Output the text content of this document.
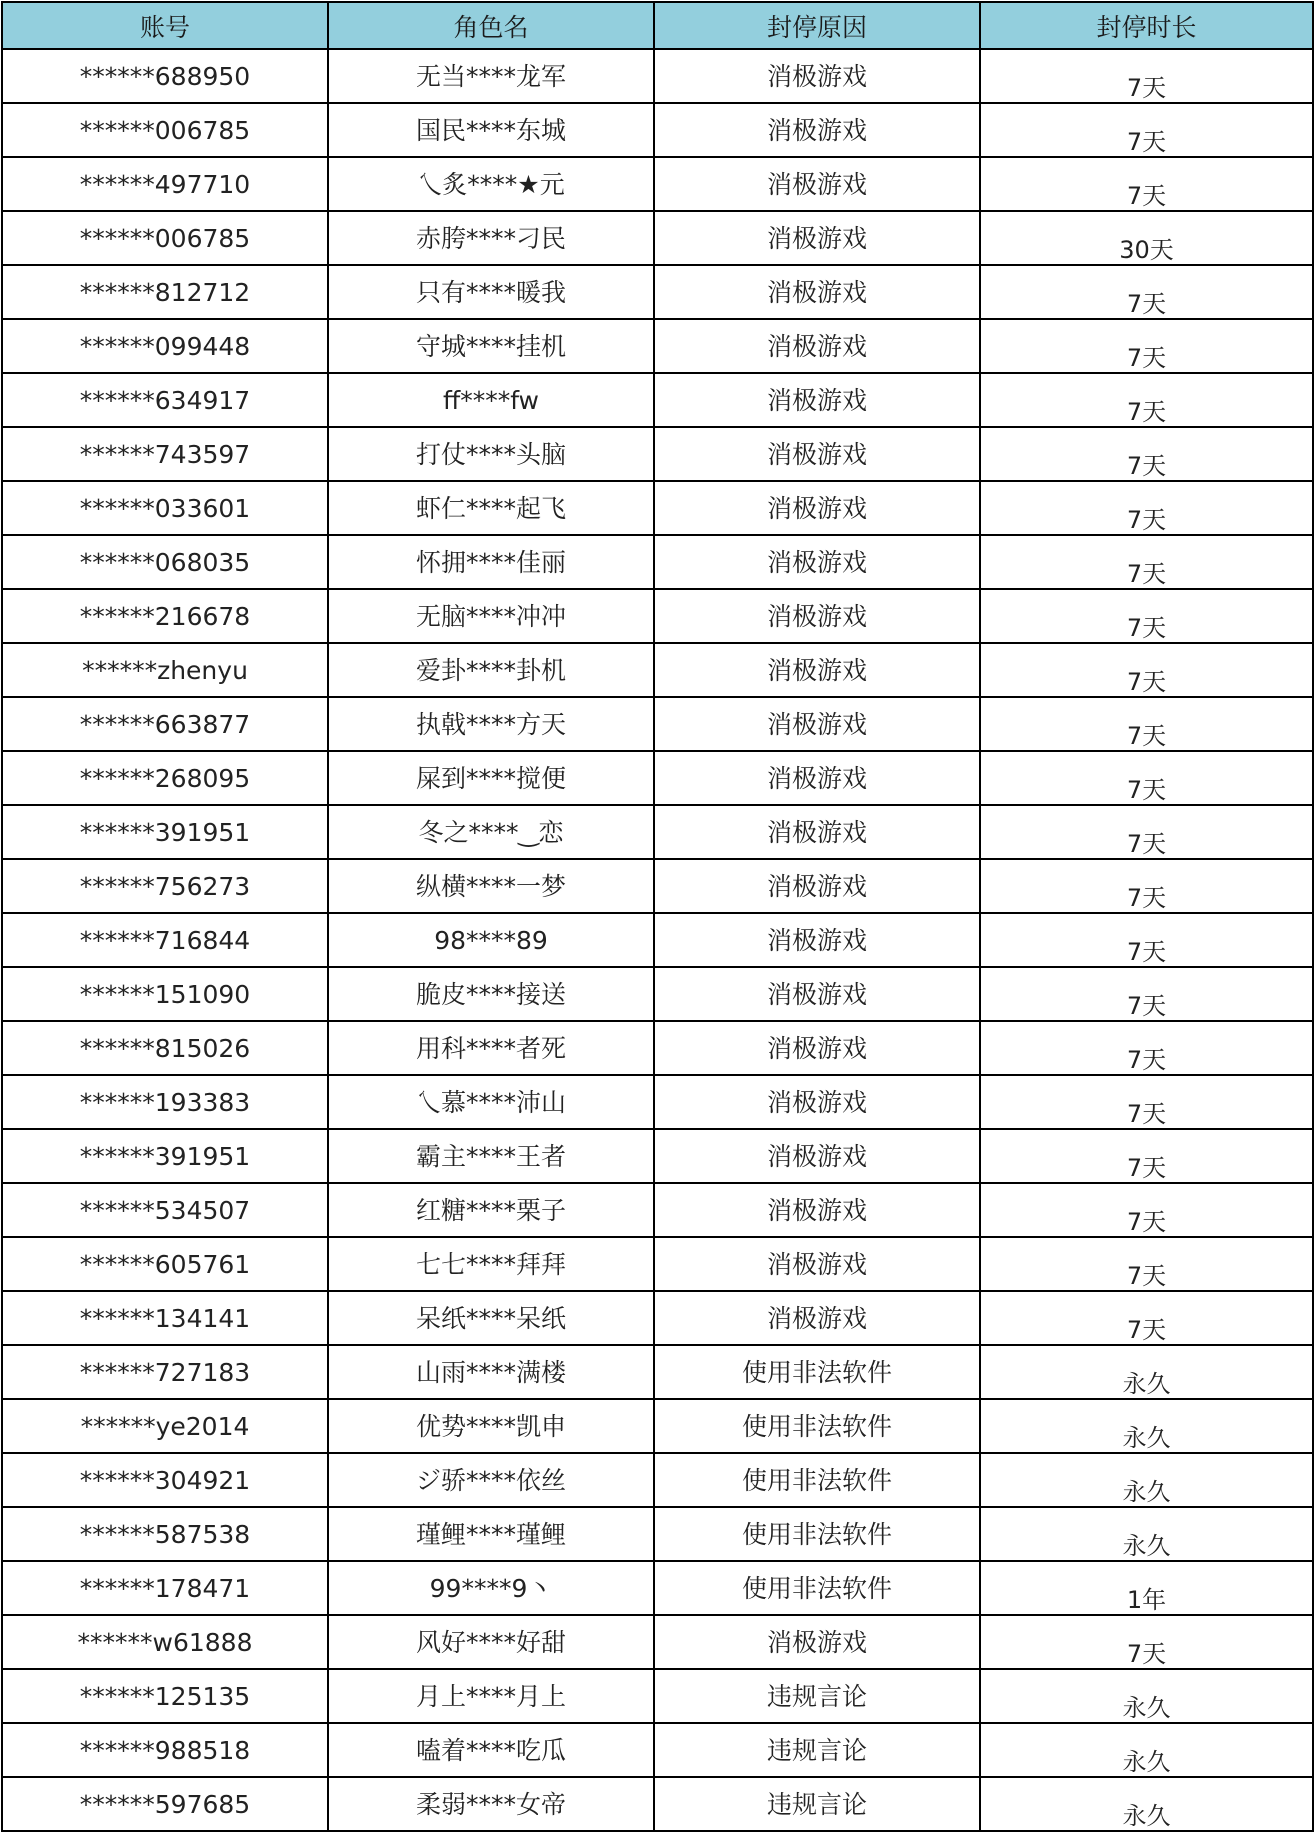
账号	角色名	封停原因	封停时长
******688950	无当****龙军	消极游戏	7天
******006785	国民****东城	消极游戏	7天
******497710	乀炙****★元	消极游戏	7天
******006785	赤胯****刁民	消极游戏	30天
******812712	只有****暖我	消极游戏	7天
******099448	守城****挂机	消极游戏	7天
******634917	ff****fw	消极游戏	7天
******743597	打仗****头脑	消极游戏	7天
******033601	虾仁****起飞	消极游戏	7天
******068035	怀拥****佳丽	消极游戏	7天
******216678	无脑****冲冲	消极游戏	7天
******zhenyu	爱卦****卦机	消极游戏	7天
******663877	执戟****方天	消极游戏	7天
******268095	屎到****搅便	消极游戏	7天
******391951	冬之****‿恋	消极游戏	7天
******756273	纵横****一梦	消极游戏	7天
******716844	98****89	消极游戏	7天
******151090	脆皮****接送	消极游戏	7天
******815026	用科****者死	消极游戏	7天
******193383	乀慕****沛山	消极游戏	7天
******391951	霸主****王者	消极游戏	7天
******534507	红糖****栗子	消极游戏	7天
******605761	七七****拜拜	消极游戏	7天
******134141	呆纸****呆纸	消极游戏	7天
******727183	山雨****满楼	使用非法软件	永久
******ye2014	优势****凯申	使用非法软件	永久
******304921	ジ骄****依丝	使用非法软件	永久
******587538	瑾鲤****瑾鲤	使用非法软件	永久
******178471	99****9丶	使用非法软件	1年
******w61888	风好****好甜	消极游戏	7天
******125135	月上****月上	违规言论	永久
******988518	嗑着****吃瓜	违规言论	永久
******597685	柔弱****女帝	违规言论	永久
